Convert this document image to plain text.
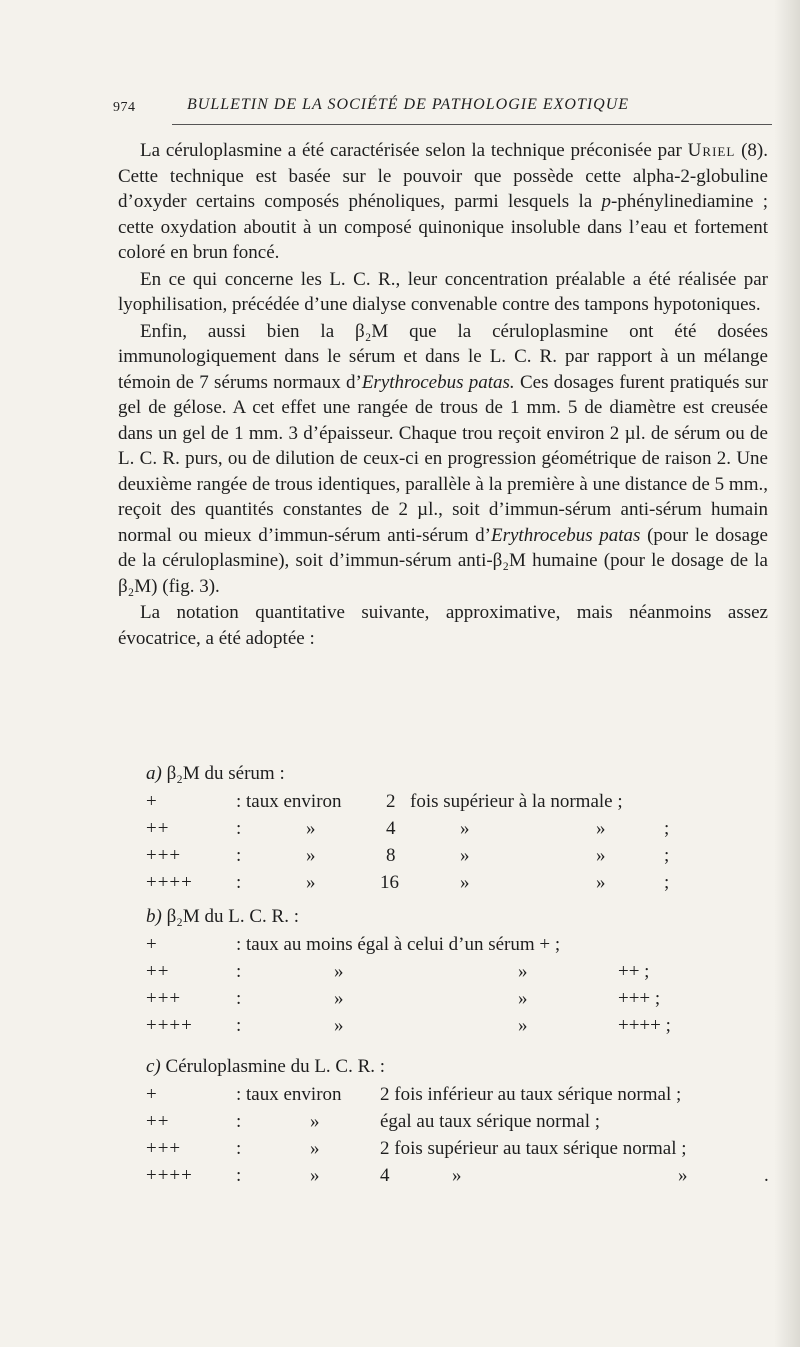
974	BULLETIN DE LA SOCIÉTÉ DE PATHOLOGIE EXOTIQUE

La céruloplasmine a été caractérisée selon la technique préconisée par Uriel (8). Cette technique est basée sur le pouvoir que possède cette alpha-2-globuline d’oxyder certains composés phénoliques, parmi lesquels la p-phénylinediamine ; cette oxydation aboutit à un composé quinonique insoluble dans l’eau et fortement coloré en brun foncé.

En ce qui concerne les L. C. R., leur concentration préalable a été réalisée par lyophilisation, précédée d’une dialyse convenable contre des tampons hypotoniques.

Enfin, aussi bien la β₂M que la céruloplasmine ont été dosées immunologiquement dans le sérum et dans le L. C. R. par rapport à un mélange témoin de 7 sérums normaux d’Erythrocebus patas. Ces dosages furent pratiqués sur gel de gélose. A cet effet une rangée de trous de 1 mm. 5 de diamètre est creusée dans un gel de 1 mm. 3 d’épaisseur. Chaque trou reçoit environ 2 µl. de sérum ou de L. C. R. purs, ou de dilution de ceux-ci en progression géométrique de raison 2. Une deuxième rangée de trous identiques, parallèle à la première à une distance de 5 mm., reçoit des quantités constantes de 2 µl., soit d’immun-sérum anti-sérum humain normal ou mieux d’immun-sérum anti-sérum d’Erythrocebus patas (pour le dosage de la céruloplasmine), soit d’immun-sérum anti-β₂M humaine (pour le dosage de la β₂M) (fig. 3).

La notation quantitative suivante, approximative, mais néanmoins assez évocatrice, a été adoptée :

a) β₂M du sérum :
+	: taux environ 2 fois supérieur à la normale ;
++	:	»	4	»	»	;
+++	:	»	8	»	»	;
++++ :	»	16	»	»	;
b) β₂M du L. C. R. :
+	: taux au moins égal à celui d’un sérum + ;
++	:	»	»	++ ;
+++	:	»	»	+++ ;
++++ :	»	»	++++ ;
c) Céruloplasmine du L. C. R. :
+	: taux environ 2 fois inférieur au taux sérique normal ;
++	:	»	égal au taux sérique normal ;
+++	:	»	2 fois supérieur au taux sérique normal ;
++++ :	»	4	»	»	.
